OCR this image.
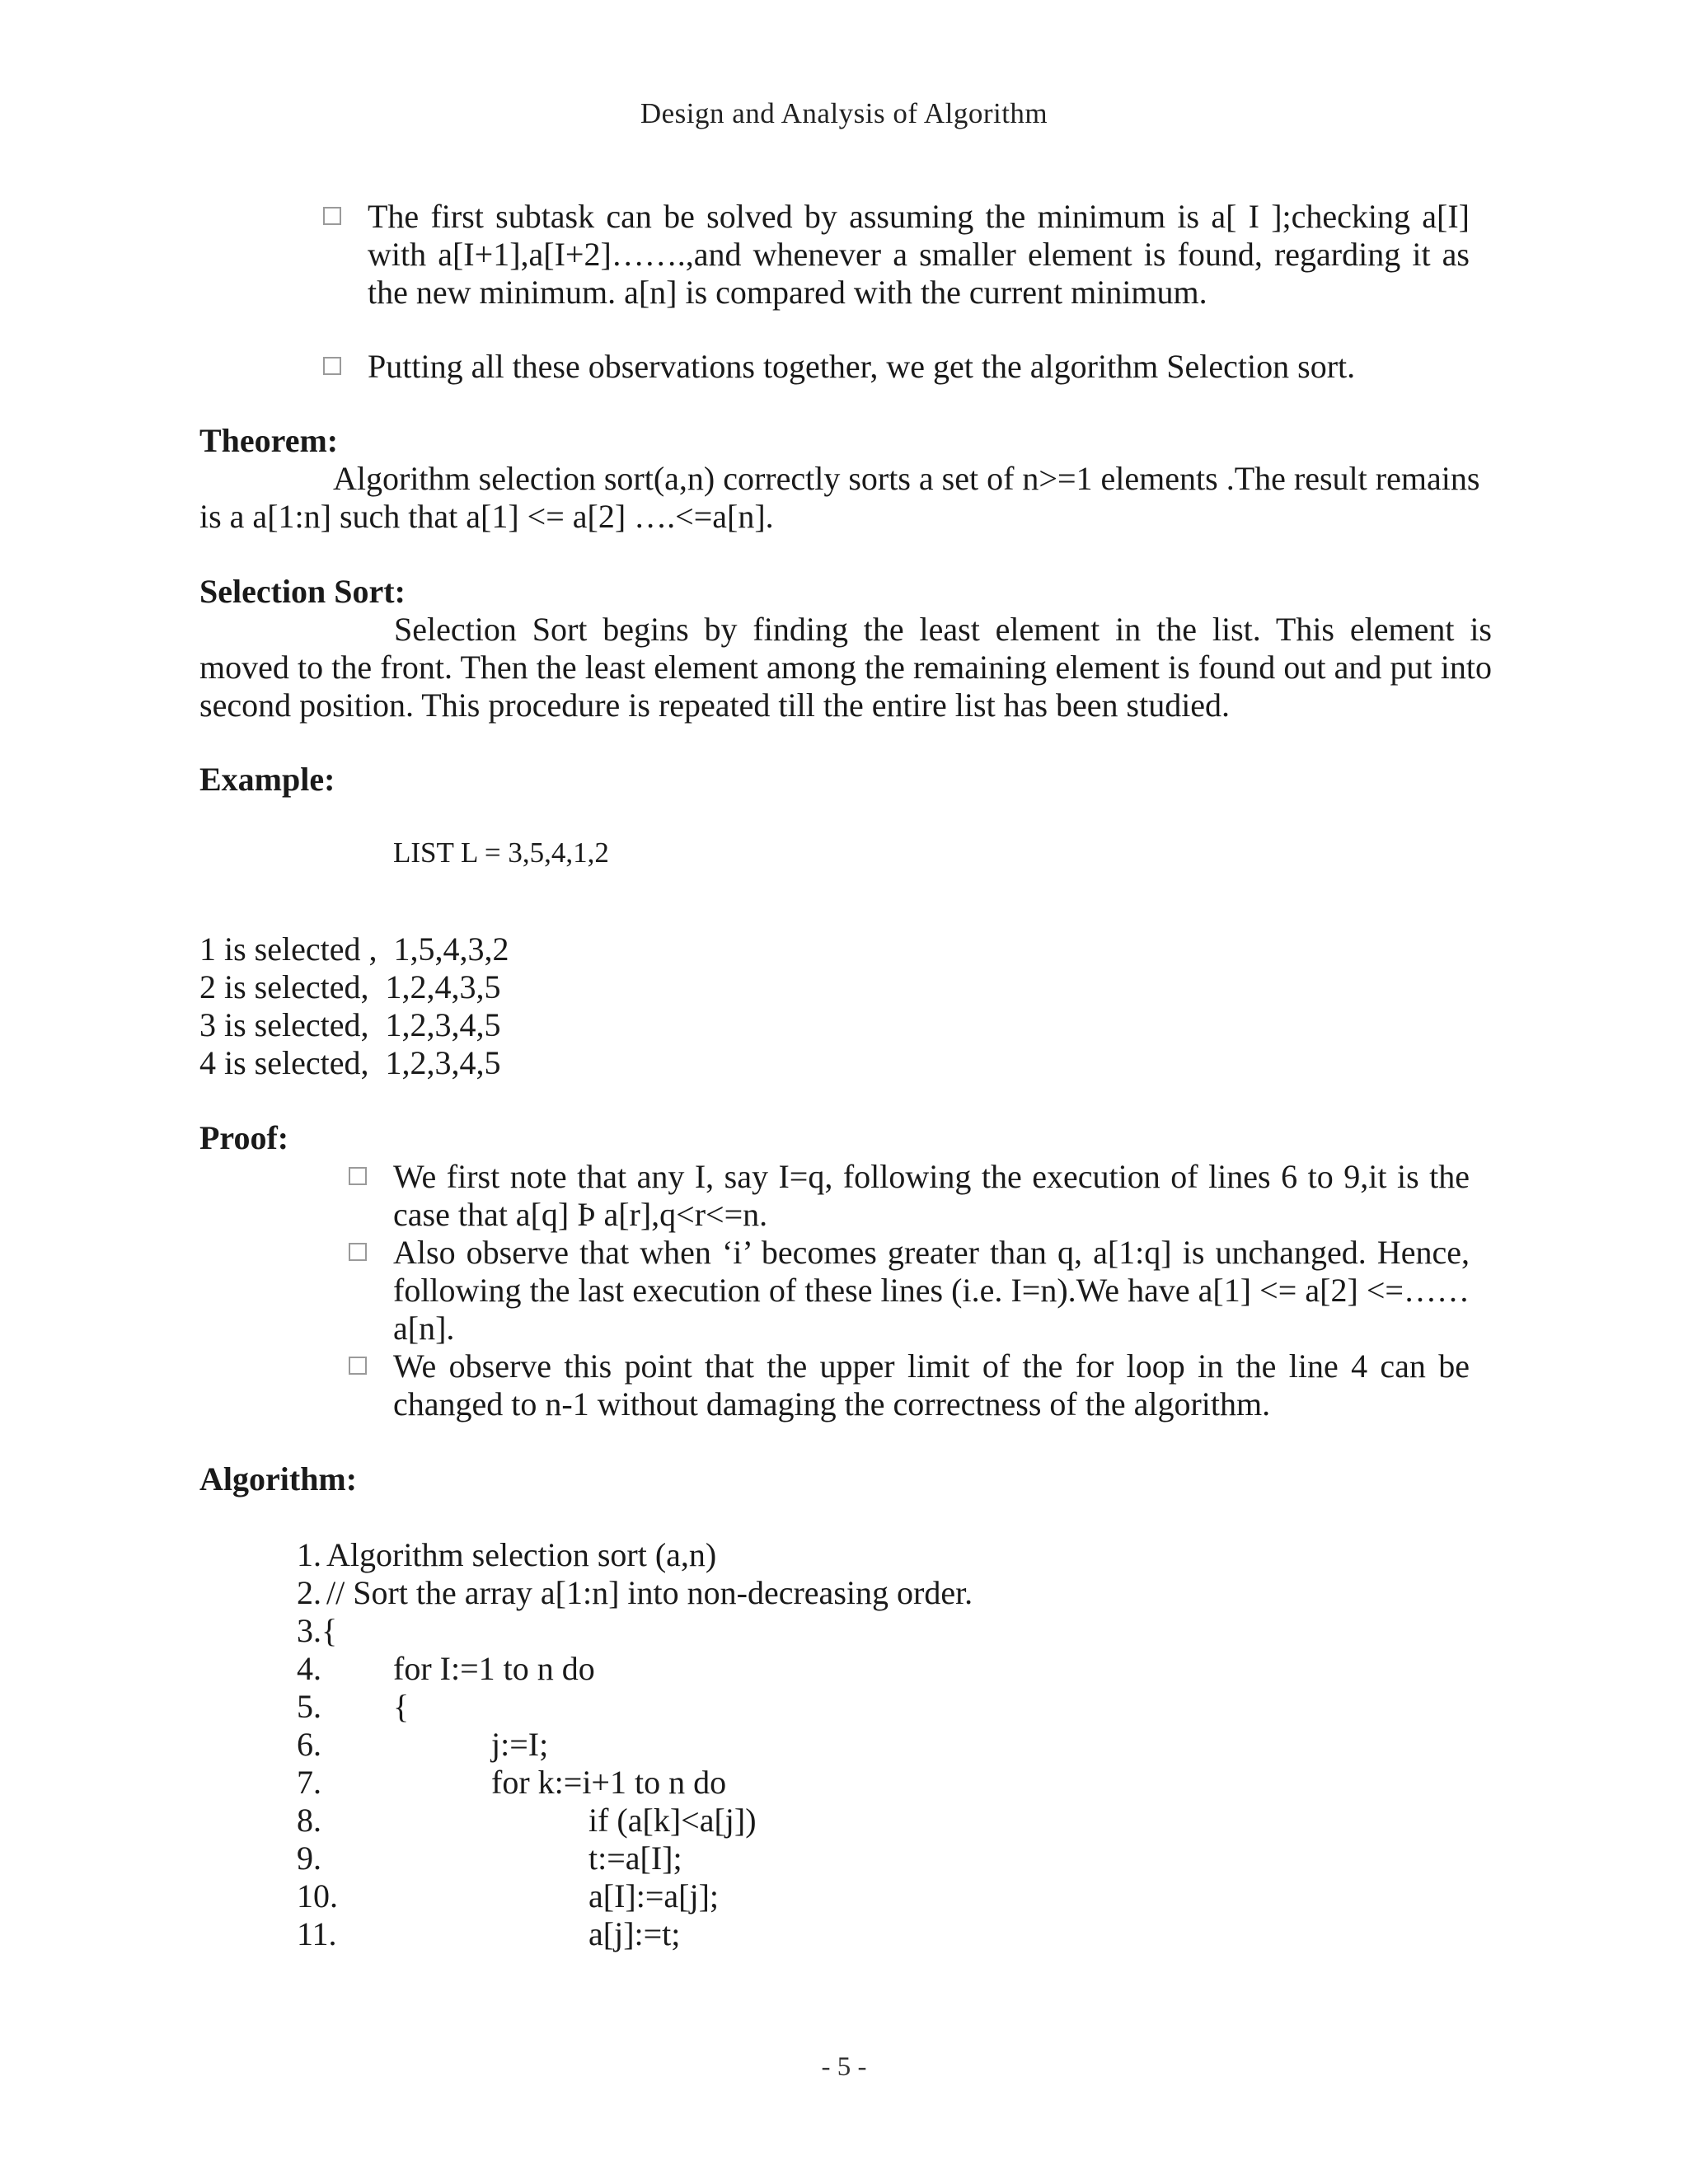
Design and Analysis of Algorithm
The first subtask can be solved by assuming the minimum is a[ I ];checking a[I] with a[I+1],a[I+2]…….,and whenever a smaller element is found, regarding it as the new minimum. a[n] is compared with the current minimum.
Putting all these observations together, we get the algorithm Selection sort.
Theorem:
Algorithm selection sort(a,n) correctly sorts a set of n>=1 elements .The result remains
is a a[1:n] such that a[1] <= a[2] ….<=a[n].
Selection Sort:
Selection Sort begins by finding the least element in the list. This element is moved to the front. Then the least element among the remaining element is found out and put into second position. This procedure is repeated till the entire list has been studied.
Example:
LIST L = 3,5,4,1,2
1 is selected ,  1,5,4,3,2
2 is selected,  1,2,4,3,5
3 is selected,  1,2,3,4,5
4 is selected,  1,2,3,4,5
Proof:
We first note that any I, say I=q, following the execution of lines 6 to 9,it is the case that a[q] Þ a[r],q<r<=n.
Also observe that when ‘i’ becomes greater than q, a[1:q] is unchanged. Hence, following the last execution of these lines (i.e. I=n).We have a[1] <= a[2] <=…… a[n].
We observe this point that the upper limit of the for loop in the line 4 can be changed to n-1 without damaging the correctness of the algorithm.
Algorithm:
1. Algorithm selection sort (a,n)
2. // Sort the array a[1:n] into non-decreasing order.
3. {
4. for I:=1 to n do
5. {
6.	j:=I;
7.	for k:=i+1 to n do
8.	if (a[k]<a[j])
9.	t:=a[I];
10.	a[I]:=a[j];
11.	a[j]:=t;
- 5 -
